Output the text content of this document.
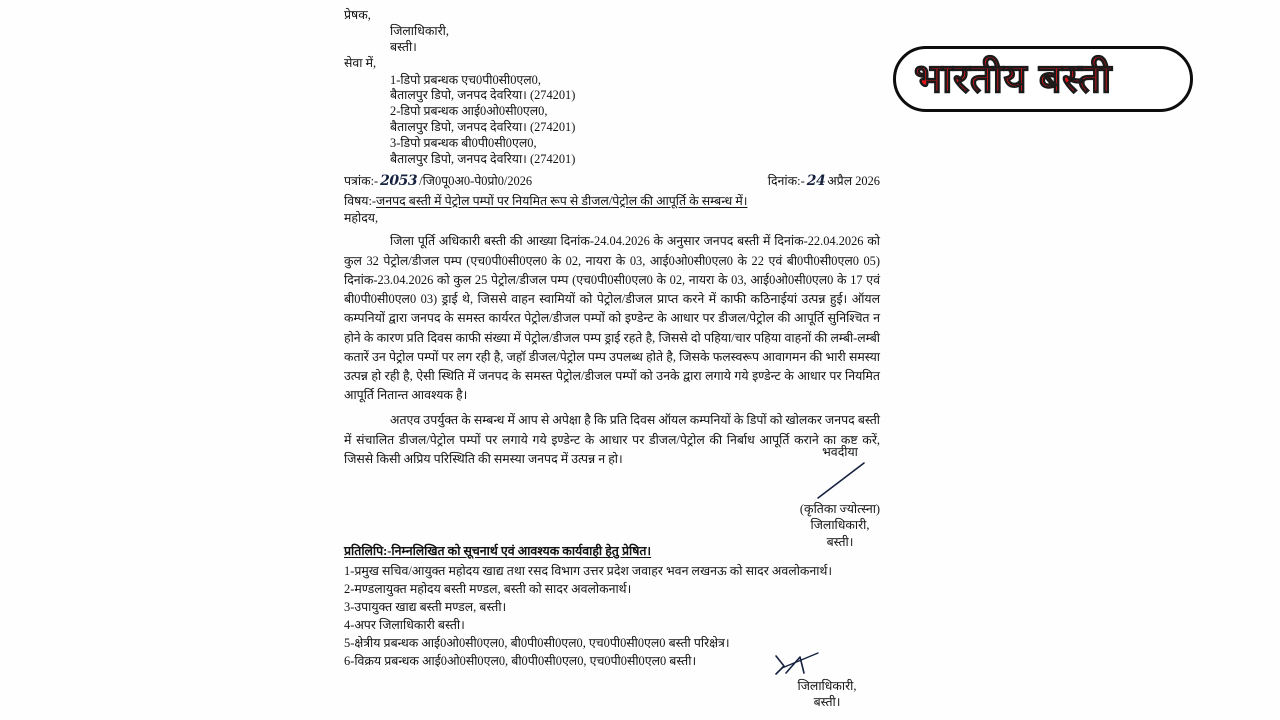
भारतीय बस्ती
प्रेषक,
जिलाधिकारी,
बस्ती।
सेवा में,
1-डिपो प्रबन्धक एच0पी0सी0एल0,
बैतालपुर डिपो, जनपद देवरिया। (274201)
2-डिपो प्रबन्धक आई0ओ0सी0एल0,
बैतालपुर डिपो, जनपद देवरिया। (274201)
3-डिपो प्रबन्धक बी0पी0सी0एल0,
बैतालपुर डिपो, जनपद देवरिया। (274201)
पत्रांक:- 2053 /जि0पू0अ0-पे0प्रो0/2026	दिनांक:- 24 अप्रैल 2026
विषय:-जनपद बस्ती में पेट्रोल पम्पों पर नियमित रूप से डीजल/पेट्रोल की आपूर्ति के सम्बन्ध में।
महोदय,

जिला पूर्ति अधिकारी बस्ती की आख्या दिनांक-24.04.2026 के अनुसार जनपद बस्ती में दिनांक-22.04.2026 को कुल 32 पेट्रोल/डीजल पम्प (एच0पी0सी0एल0 के 02, नायरा के 03, आई0ओ0सी0एल0 के 22 एवं बी0पी0सी0एल0 05) दिनांक-23.04.2026 को कुल 25 पेट्रोल/डीजल पम्प (एच0पी0सी0एल0 के 02, नायरा के 03, आई0ओ0सी0एल0 के 17 एवं बी0पी0सी0एल0 03) ड्राई थे, जिससे वाहन स्वामियों को पेट्रोल/डीजल प्राप्त करने में काफी कठिनाईयां उत्पन्न हुई। ऑयल कम्पनियों द्वारा जनपद के समस्त कार्यरत पेट्रोल/डीजल पम्पों को इण्डेन्ट के आधार पर डीजल/पेट्रोल की आपूर्ति सुनिश्चित न होने के कारण प्रति दिवस काफी संख्या में पेट्रोल/डीजल पम्प ड्राई रहते है, जिससे दो पहिया/चार पहिया वाहनों की लम्बी-लम्बी कतारें उन पेट्रोल पम्पों पर लग रही है, जहॉ डीजल/पेट्रोल पम्प उपलब्ध होते है, जिसके फलस्वरूप आवागमन की भारी समस्या उत्पन्न हो रही है, ऐसी स्थिति में जनपद के समस्त पेट्रोल/डीजल पम्पों को उनके द्वारा लगाये गये इण्डेन्ट के आधार पर नियमित आपूर्ति नितान्त आवश्यक है।

अतएव उपर्युक्त के सम्बन्ध में आप से अपेक्षा है कि प्रति दिवस ऑयल कम्पनियों के डिपों को खोलकर जनपद बस्ती में संचालित डीजल/पेट्रोल पम्पों पर लगाये गये इण्डेन्ट के आधार पर डीजल/पेट्रोल की निर्बाध आपूर्ति कराने का कष्ट करें, जिससे किसी अप्रिय परिस्थिति की समस्या जनपद में उत्पन्न न हो।	भवदीया
(कृतिका ज्योत्स्ना)
जिलाधिकारी,
बस्ती।
प्रतिलिपि:-निम्नलिखित को सूचनार्थ एवं आवश्यक कार्यवाही हेतु प्रेषित।

1-प्रमुख सचिव/आयुक्त महोदय खाद्य तथा रसद विभाग उत्तर प्रदेश जवाहर भवन लखनऊ को सादर अवलोकनार्थ।

2-मण्डलायुक्त महोदय बस्ती मण्डल, बस्ती को सादर अवलोकनार्थ।

3-उपायुक्त खाद्य बस्ती मण्डल, बस्ती।

4-अपर जिलाधिकारी बस्ती।

5-क्षेत्रीय प्रबन्धक आई0ओ0सी0एल0, बी0पी0सी0एल0, एच0पी0सी0एल0 बस्ती परिक्षेत्र।

6-विक्रय प्रबन्धक आई0ओ0सी0एल0, बी0पी0सी0एल0, एच0पी0सी0एल0 बस्ती।

जिलाधिकारी,
बस्ती।
